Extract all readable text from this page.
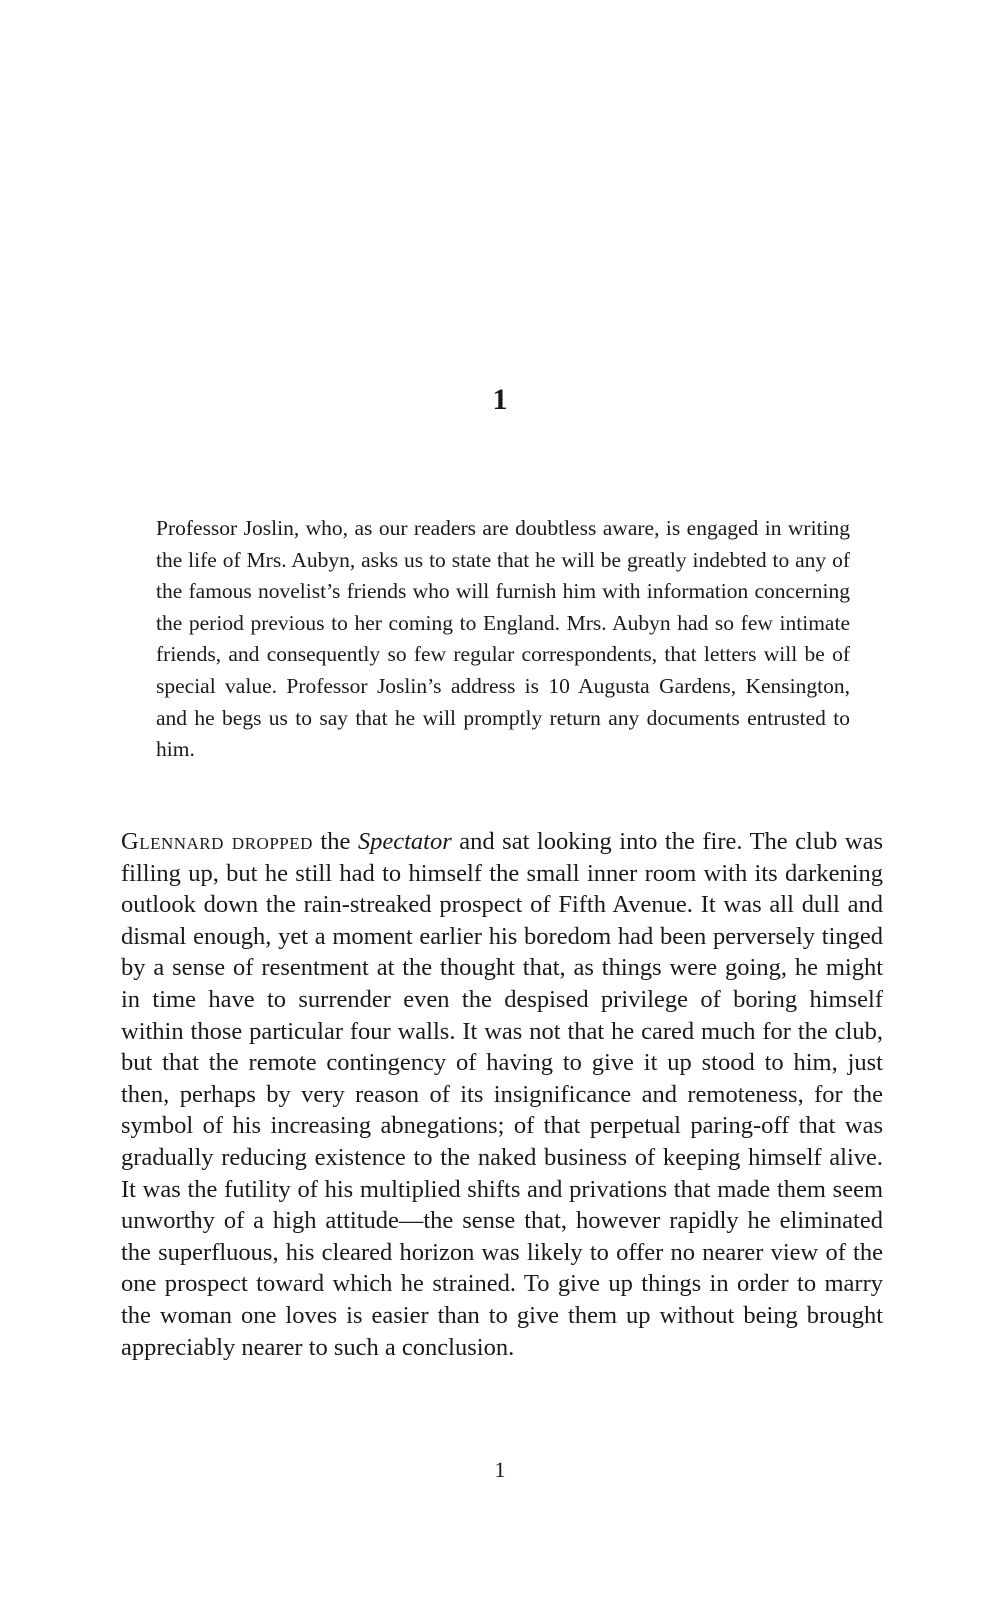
1

Professor Joslin, who, as our readers are doubtless aware, is engaged in writing the life of Mrs. Aubyn, asks us to state that he will be greatly indebted to any of the famous novelist’s friends who will furnish him with information concerning the period previous to her coming to England. Mrs. Aubyn had so few intimate friends, and consequently so few regular correspondents, that letters will be of special value. Professor Joslin’s address is 10 Augusta Gardens, Kensington, and he begs us to say that he will promptly return any documents entrusted to him.

Glennard dropped the Spectator and sat looking into the fire. The club was filling up, but he still had to himself the small inner room with its darkening outlook down the rain-streaked prospect of Fifth Avenue. It was all dull and dismal enough, yet a moment earlier his boredom had been perversely tinged by a sense of resentment at the thought that, as things were going, he might in time have to surrender even the despised privilege of boring himself within those particular four walls. It was not that he cared much for the club, but that the remote contingency of having to give it up stood to him, just then, perhaps by very reason of its insignificance and remoteness, for the symbol of his increasing abnegations; of that perpetual paring-off that was gradually reducing existence to the naked business of keeping himself alive. It was the futility of his multiplied shifts and privations that made them seem unworthy of a high attitude—the sense that, however rapidly he eliminated the superfluous, his cleared horizon was likely to offer no nearer view of the one prospect toward which he strained. To give up things in order to marry the woman one loves is easier than to give them up without being brought appreciably nearer to such a conclusion.

1
